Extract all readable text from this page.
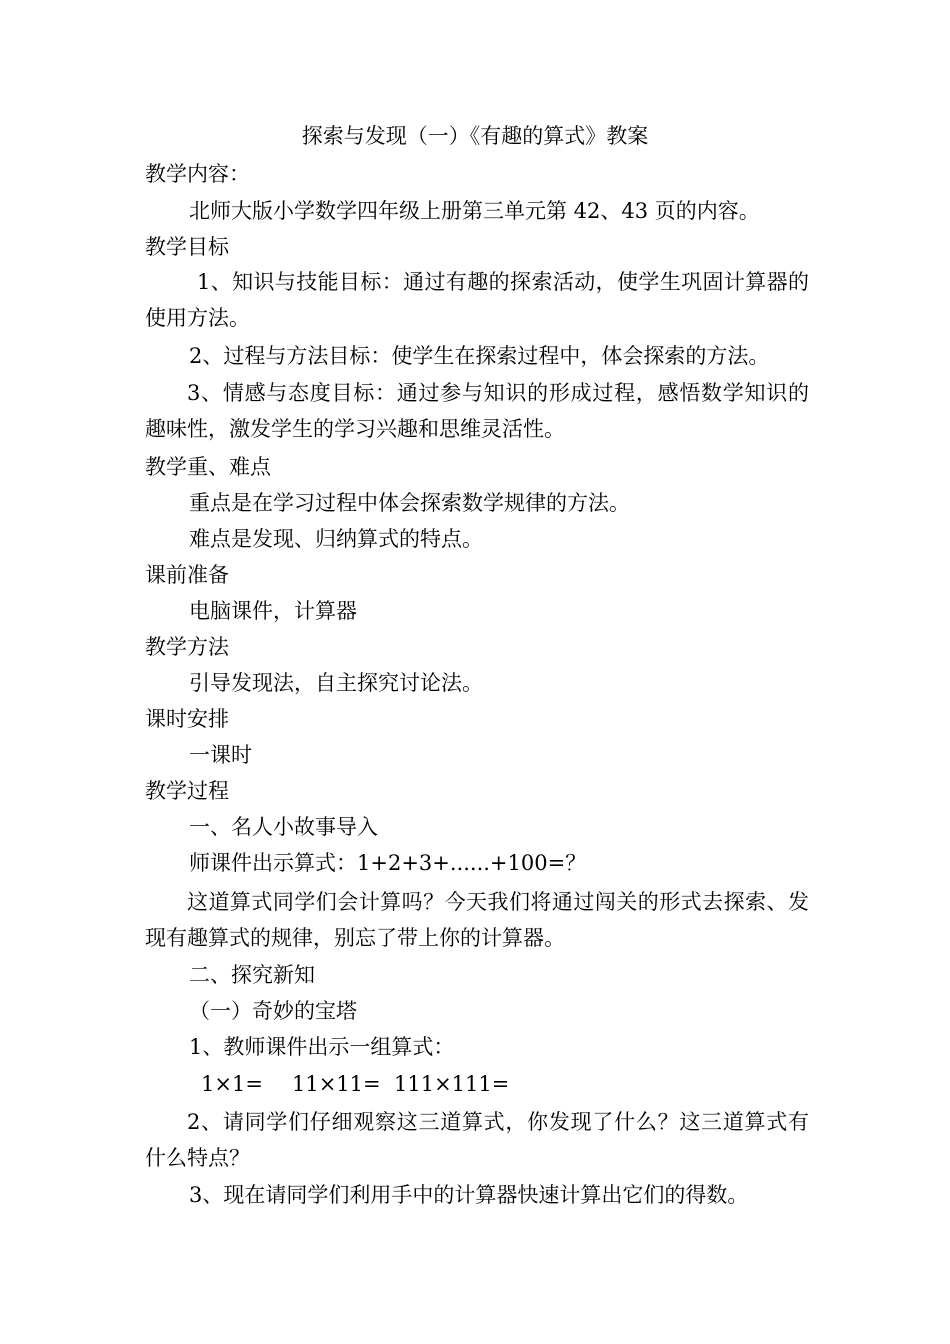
探索与发现（一）《有趣的算式》教案
教学内容：
北师大版小学数学四年级上册第三单元第 42、43 页的内容。
教学目标
1、知识与技能目标：通过有趣的探索活动，使学生巩固计算器的使用方法。
2、过程与方法目标：使学生在探索过程中，体会探索的方法。
3、情感与态度目标：通过参与知识的形成过程，感悟数学知识的趣味性，激发学生的学习兴趣和思维灵活性。
教学重、难点
重点是在学习过程中体会探索数学规律的方法。
难点是发现、归纳算式的特点。
课前准备
电脑课件，计算器
教学方法
引导发现法，自主探究讨论法。
课时安排
一课时
教学过程
一、名人小故事导入
师课件出示算式：1+2+3+......+100=？
这道算式同学们会计算吗？今天我们将通过闯关的形式去探索、发现有趣算式的规律，别忘了带上你的计算器。
二、探究新知
（一）奇妙的宝塔
1、教师课件出示一组算式：
1×1= 11×11= 111×111=
2、请同学们仔细观察这三道算式，你发现了什么？这三道算式有什么特点？
3、现在请同学们利用手中的计算器快速计算出它们的得数。
